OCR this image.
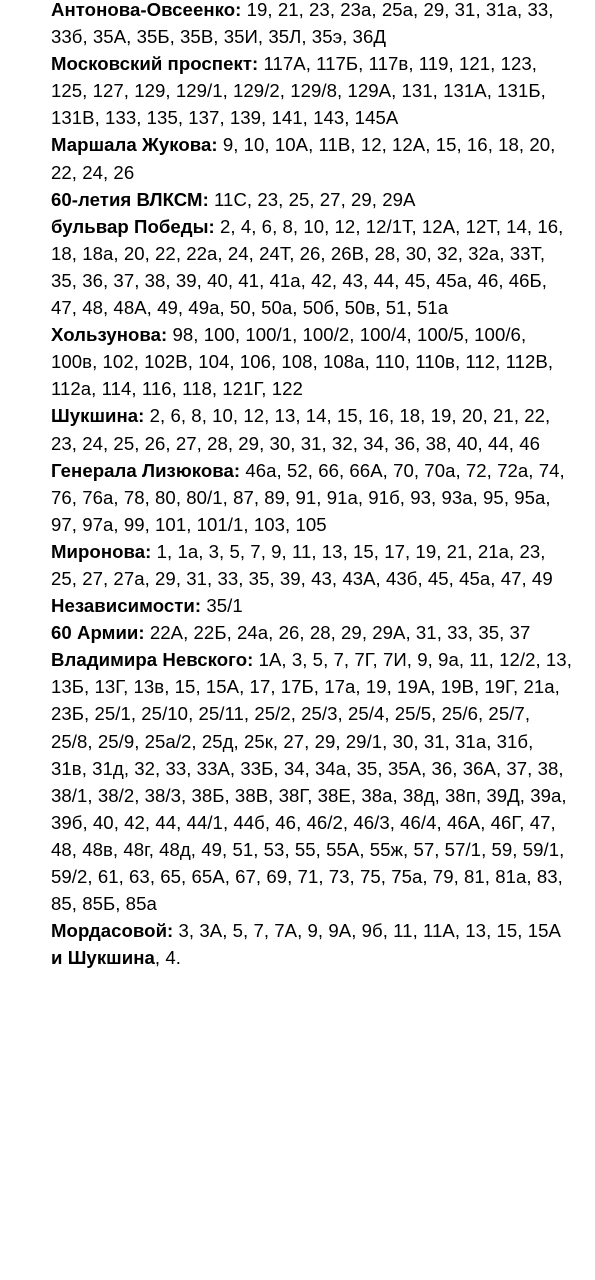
Антонова-Овсеенко: 19, 21, 23, 23а, 25а, 29, 31, 31а, 33, 33б, 35А, 35Б, 35В, 35И, 35Л, 35э, 36Д

Московский проспект: 117А, 117Б, 117в, 119, 121, 123, 125, 127, 129, 129/1, 129/2, 129/8, 129А, 131, 131А, 131Б, 131В, 133, 135, 137, 139, 141, 143, 145А

Маршала Жукова: 9, 10, 10А, 11В, 12, 12А, 15, 16, 18, 20, 22, 24, 26

60-летия ВЛКСМ: 11С, 23, 25, 27, 29, 29А

бульвар Победы: 2, 4, 6, 8, 10, 12, 12/1Т, 12А, 12Т, 14, 16, 18, 18а, 20, 22, 22а, 24, 24Т, 26, 26В, 28, 30, 32, 32а, 33Т, 35, 36, 37, 38, 39, 40, 41, 41а, 42, 43, 44, 45, 45а, 46, 46Б, 47, 48, 48А, 49, 49а, 50, 50а, 50б, 50в, 51, 51а

Хользунова: 98, 100, 100/1, 100/2, 100/4, 100/5, 100/6, 100в, 102, 102В, 104, 106, 108, 108а, 110, 110в, 112, 112В, 112а, 114, 116, 118, 121Г, 122

Шукшина: 2, 6, 8, 10, 12, 13, 14, 15, 16, 18, 19, 20, 21, 22, 23, 24, 25, 26, 27, 28, 29, 30, 31, 32, 34, 36, 38, 40, 44, 46

Генерала Лизюкова: 46а, 52, 66, 66А, 70, 70а, 72, 72а, 74, 76, 76а, 78, 80, 80/1, 87, 89, 91, 91а, 91б, 93, 93а, 95, 95а, 97, 97а, 99, 101, 101/1, 103, 105

Миронова: 1, 1а, 3, 5, 7, 9, 11, 13, 15, 17, 19, 21, 21а, 23, 25, 27, 27а, 29, 31, 33, 35, 39, 43, 43А, 43б, 45, 45а, 47, 49

Независимости: 35/1

60 Армии: 22А, 22Б, 24а, 26, 28, 29, 29А, 31, 33, 35, 37

Владимира Невского: 1А, 3, 5, 7, 7Г, 7И, 9, 9а, 11, 12/2, 13, 13Б, 13Г, 13в, 15, 15А, 17, 17Б, 17а, 19, 19А, 19В, 19Г, 21а, 23Б, 25/1, 25/10, 25/11, 25/2, 25/3, 25/4, 25/5, 25/6, 25/7, 25/8, 25/9, 25а/2, 25д, 25к, 27, 29, 29/1, 30, 31, 31а, 31б, 31в, 31д, 32, 33, 33А, 33Б, 34, 34а, 35, 35А, 36, 36А, 37, 38, 38/1, 38/2, 38/3, 38Б, 38В, 38Г, 38Е, 38а, 38д, 38п, 39Д, 39а, 39б, 40, 42, 44, 44/1, 44б, 46, 46/2, 46/3, 46/4, 46А, 46Г, 47, 48, 48в, 48г, 48д, 49, 51, 53, 55, 55А, 55ж, 57, 57/1, 59, 59/1, 59/2, 61, 63, 65, 65А, 67, 69, 71, 73, 75, 75а, 79, 81, 81а, 83, 85, 85Б, 85а

Мордасовой: 3, 3А, 5, 7, 7А, 9, 9А, 9б, 11, 11А, 13, 15, 15А

и Шукшина, 4.
